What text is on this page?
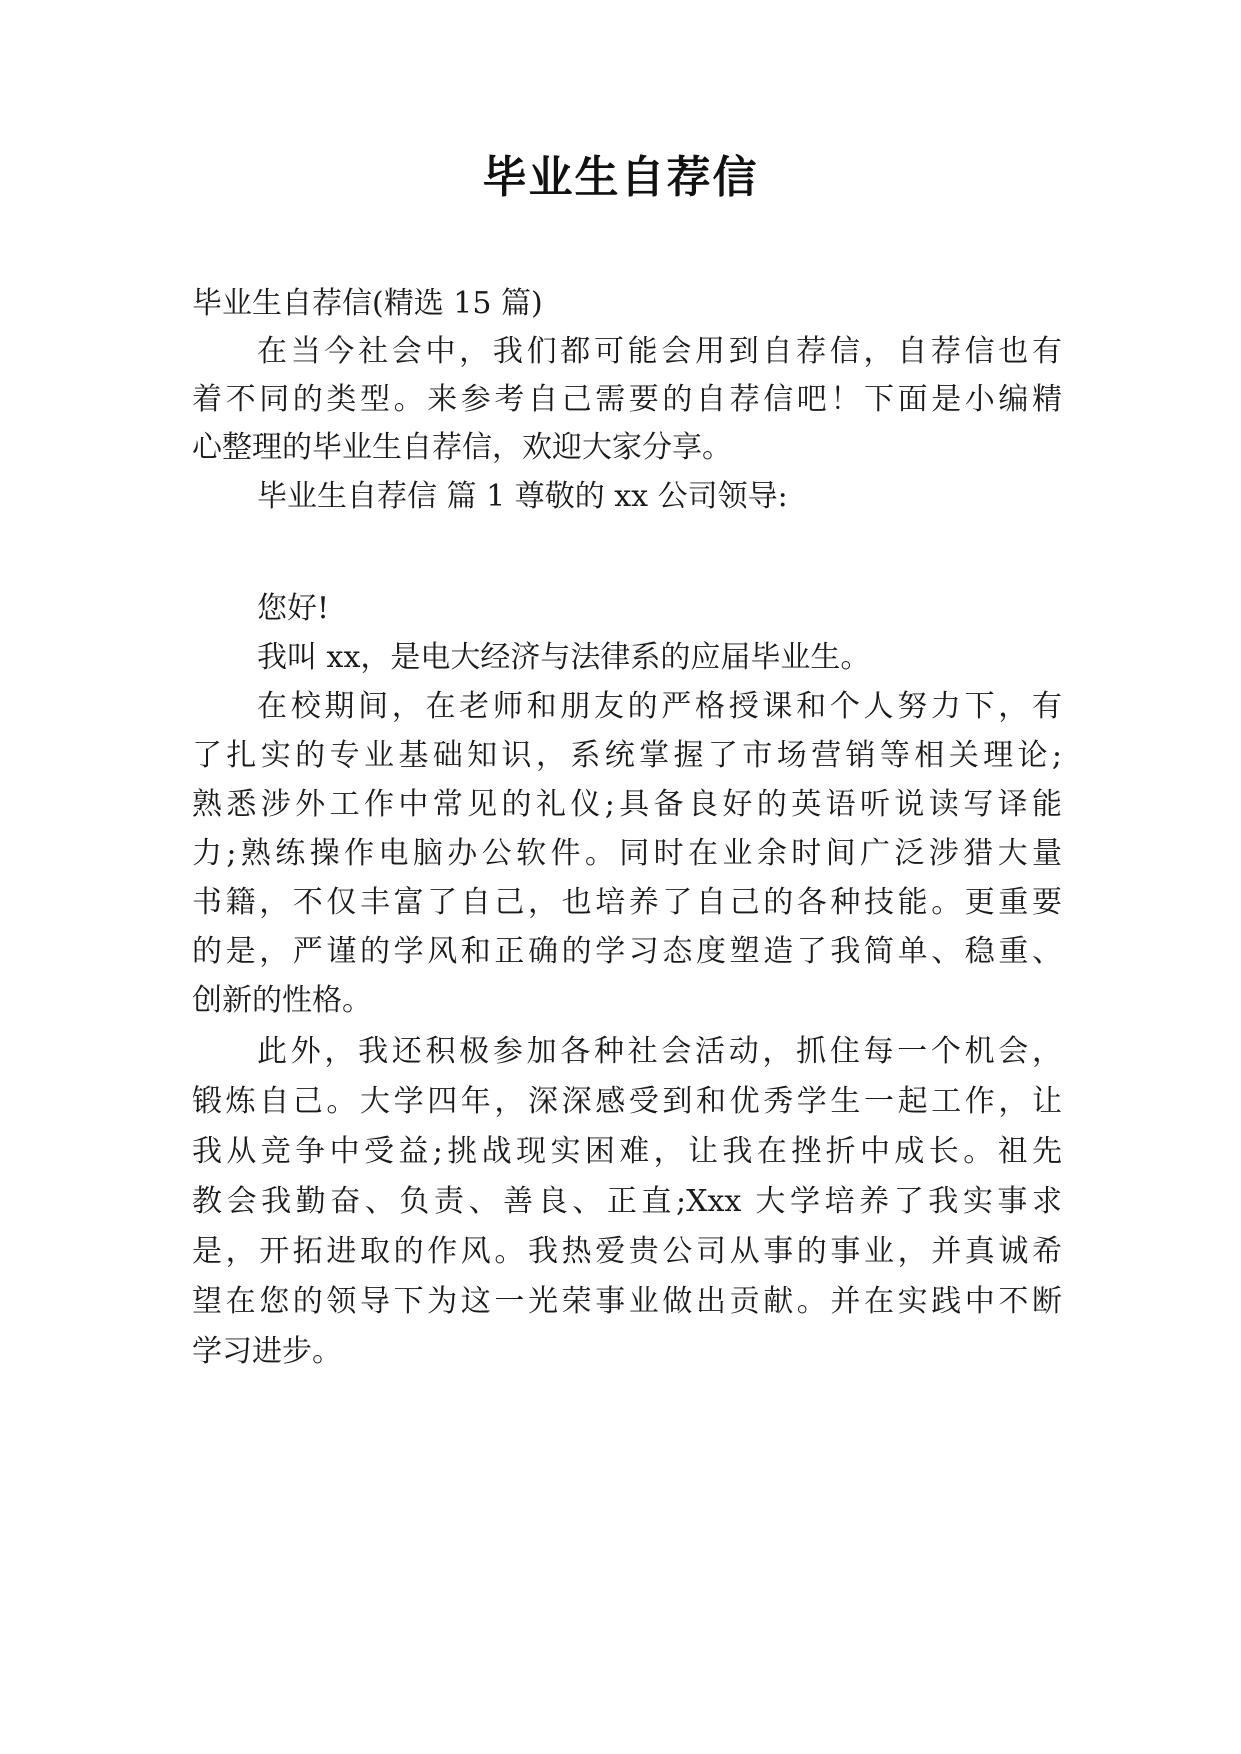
毕业生自荐信
毕业生自荐信(精选 15 篇)
在当今社会中，我们都可能会用到自荐信，自荐信也有
着不同的类型。来参考自己需要的自荐信吧！下面是小编精
心整理的毕业生自荐信，欢迎大家分享。
毕业生自荐信 篇 1 尊敬的 xx 公司领导:
您好!
我叫 xx，是电大经济与法律系的应届毕业生。
在校期间，在老师和朋友的严格授课和个人努力下，有
了扎实的专业基础知识，系统掌握了市场营销等相关理论;
熟悉涉外工作中常见的礼仪;具备良好的英语听说读写译能
力;熟练操作电脑办公软件。同时在业余时间广泛涉猎大量
书籍，不仅丰富了自己，也培养了自己的各种技能。更重要
的是，严谨的学风和正确的学习态度塑造了我简单、稳重、
创新的性格。
此外，我还积极参加各种社会活动，抓住每一个机会，
锻炼自己。大学四年，深深感受到和优秀学生一起工作，让
我从竞争中受益;挑战现实困难，让我在挫折中成长。祖先
教会我勤奋、负责、善良、正直;Xxx 大学培养了我实事求
是，开拓进取的作风。我热爱贵公司从事的事业，并真诚希
望在您的领导下为这一光荣事业做出贡献。并在实践中不断
学习进步。
